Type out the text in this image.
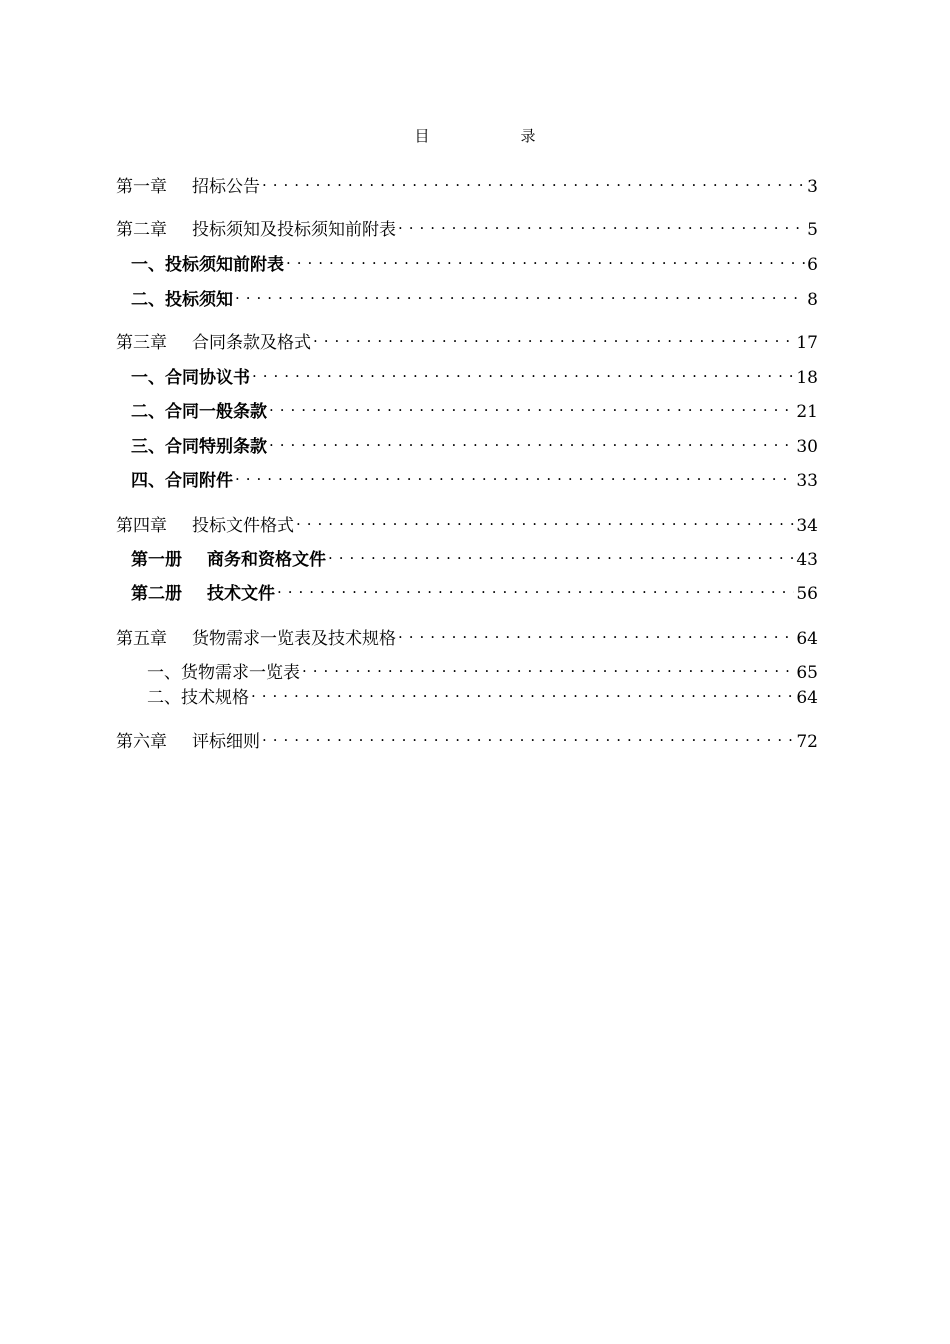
目　录
第一章 招标公告 . . .	3
第二章 投标须知及投标须知前附表 . . .	5
一、投标须知前附表 . . .	6
二、投标须知 . . .	8
第三章 合同条款及格式 . . .	17
一、合同协议书 . . .	18
二、合同一般条款 . . .	21
三、合同特别条款 . . .	30
四、合同附件 . . .	33
第四章 投标文件格式 . . .	34
第一册 商务和资格文件 . . .	43
第二册 技术文件 . . .	56
第五章 货物需求一览表及技术规格 . . .	64
一、货物需求一览表 . . .	65
二、技术规格 . . .	64
第六章 评标细则 . . .	72
